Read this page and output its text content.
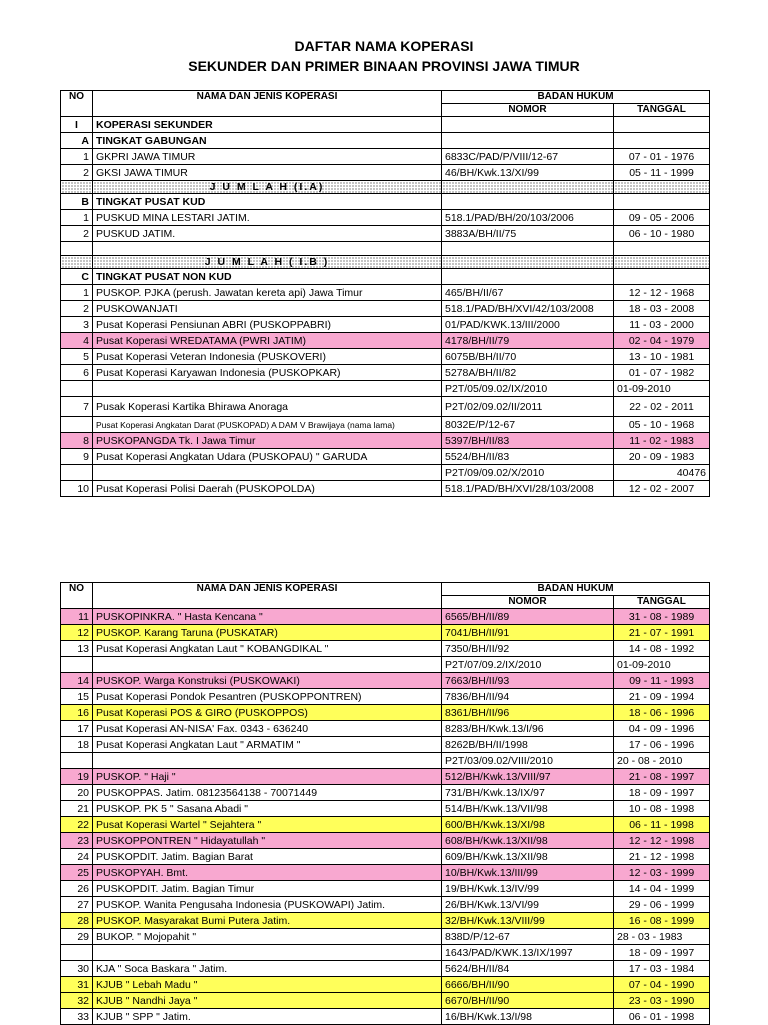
DAFTAR NAMA KOPERASI
SEKUNDER DAN PRIMER BINAAN PROVINSI JAWA TIMUR
NO	NAMA DAN JENIS KOPERASI	BADAN HUKUM	
		NOMOR	TANGGAL
I	KOPERASI SEKUNDER		
A	TINGKAT GABUNGAN		
1	GKPRI JAWA TIMUR	6833C/PAD/P/VIII/12-67	07 - 01 - 1976
2	GKSI JAWA TIMUR	46/BH/Kwk.13/XI/99	05 - 11 - 1999
	J U M L A H (I.A)		
B	TINGKAT PUSAT KUD		
1	PUSKUD MINA LESTARI JATIM.	518.1/PAD/BH/20/103/2006	09 - 05 - 2006
2	PUSKUD JATIM.	3883A/BH/II/75	06 - 10 - 1980

	J U M L A H ( I.B )		
C	TINGKAT PUSAT NON KUD		
1	PUSKOP. PJKA (perush. Jawatan kereta api) Jawa Timur	465/BH/II/67	12 - 12 - 1968
2	PUSKOWANJATI	518.1/PAD/BH/XVI/42/103/2008	18 - 03 - 2008
3	Pusat Koperasi Pensiunan ABRI (PUSKOPPABRI)	01/PAD/KWK.13/III/2000	11 - 03 - 2000
4	Pusat Koperasi WREDATAMA (PWRI JATIM)	4178/BH/II/79	02 - 04 - 1979
5	Pusat Koperasi Veteran Indonesia (PUSKOVERI)	6075B/BH/II/70	13 - 10 - 1981
6	Pusat Koperasi Karyawan Indonesia (PUSKOPKAR)	5278A/BH/II/82	01 - 07 - 1982
		P2T/05/09.02/IX/2010	01-09-2010
7	Pusak Koperasi Kartika Bhirawa Anoraga	P2T/02/09.02/II/2011	22 - 02 - 2011
	Pusat Koperasi Angkatan Darat (PUSKOPAD) A DAM V Brawijaya (nama lama)	8032E/P/12-67	05 - 10 - 1968
8	PUSKOPANGDA Tk. I Jawa Timur	5397/BH/II/83	11 - 02 - 1983
9	Pusat Koperasi Angkatan Udara (PUSKOPAU) " GARUDA	5524/BH/II/83	20 - 09 - 1983
		P2T/09/09.02/X/2010	40476
10	Pusat Koperasi Polisi Daerah (PUSKOPOLDA)	518.1/PAD/BH/XVI/28/103/2008	12 - 02 - 2007
NO	NAMA DAN JENIS KOPERASI	BADAN HUKUM	
		NOMOR	TANGGAL
11	PUSKOPINKRA. " Hasta Kencana "	6565/BH/II/89	31 - 08 - 1989
12	PUSKOP. Karang Taruna (PUSKATAR)	7041/BH/II/91	21 - 07 - 1991
13	Pusat Koperasi Angkatan Laut " KOBANGDIKAL "	7350/BH/II/92	14 - 08 - 1992
		P2T/07/09.2/IX/2010	01-09-2010
14	PUSKOP. Warga Konstruksi (PUSKOWAKI)	7663/BH/II/93	09 - 11 - 1993
15	Pusat Koperasi Pondok Pesantren (PUSKOPPONTREN)	7836/BH/II/94	21 - 09 - 1994
16	Pusat Koperasi POS & GIRO (PUSKOPPOS)	8361/BH/II/96	18 - 06 - 1996
17	Pusat Koperasi AN-NISA' Fax. 0343 - 636240	8283/BH/Kwk.13/I/96	04 - 09 - 1996
18	Pusat Koperasi Angkatan Laut " ARMATIM "	8262B/BH/II/1998	17 - 06 - 1996
		P2T/03/09.02/VIII/2010	20 - 08 - 2010
19	PUSKOP. " Haji "	512/BH/Kwk.13/VIII/97	21 - 08 - 1997
20	PUSKOPPAS. Jatim. 08123564138 - 70071449	731/BH/Kwk.13/IX/97	18 - 09 - 1997
21	PUSKOP. PK 5 " Sasana Abadi "	514/BH/Kwk.13/VII/98	10 - 08 - 1998
22	Pusat Koperasi Wartel " Sejahtera "	600/BH/Kwk.13/XI/98	06 - 11 - 1998
23	PUSKOPPONTREN " Hidayatullah "	608/BH/Kwk.13/XII/98	12 - 12 - 1998
24	PUSKOPDIT. Jatim. Bagian Barat	609/BH/Kwk.13/XII/98	21 - 12 - 1998
25	PUSKOPYAH. Bmt.	10/BH/Kwk.13/III/99	12 - 03 - 1999
26	PUSKOPDIT. Jatim. Bagian Timur	19/BH/Kwk.13/IV/99	14 - 04 - 1999
27	PUSKOP. Wanita Pengusaha Indonesia (PUSKOWAPI) Jatim.	26/BH/Kwk.13/VI/99	29 - 06 - 1999
28	PUSKOP. Masyarakat Bumi Putera Jatim.	32/BH/Kwk.13/VIII/99	16 - 08 - 1999
29	BUKOP. " Mojopahit "	838D/P/12-67	28 - 03 - 1983
		1643/PAD/KWK.13/IX/1997	18 - 09 - 1997
30	KJA " Soca Baskara " Jatim.	5624/BH/II/84	17 - 03 - 1984
31	KJUB " Lebah Madu "	6666/BH/II/90	07 - 04 - 1990
32	KJUB " Nandhi Jaya "	6670/BH/II/90	23 - 03 - 1990
33	KJUB " SPP " Jatim.	16/BH/Kwk.13/I/98	06 - 01 - 1998
